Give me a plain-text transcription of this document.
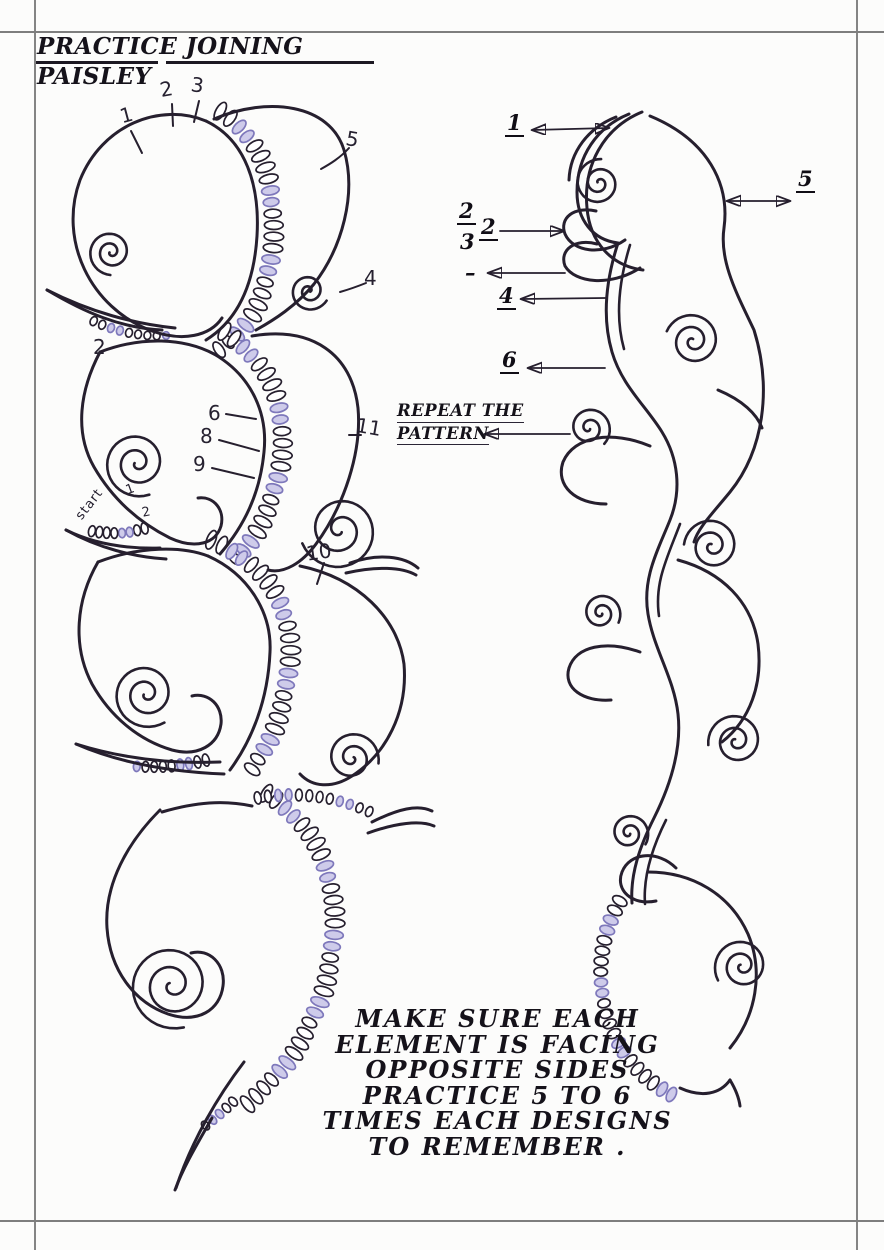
PRACTICE JOINING
PAISLEY
1
2 3
5
4
2
6
8
9
11
start 1
2
10
1
2
3
2
–
4
5
6
REPEAT THE
PATTERN
MAKE SURE EACH
ELEMENT IS FACING
OPPOSITE SIDES
PRACTICE 5 TO 6
TIMES EACH DESIGNS
TO REMEMBER .
